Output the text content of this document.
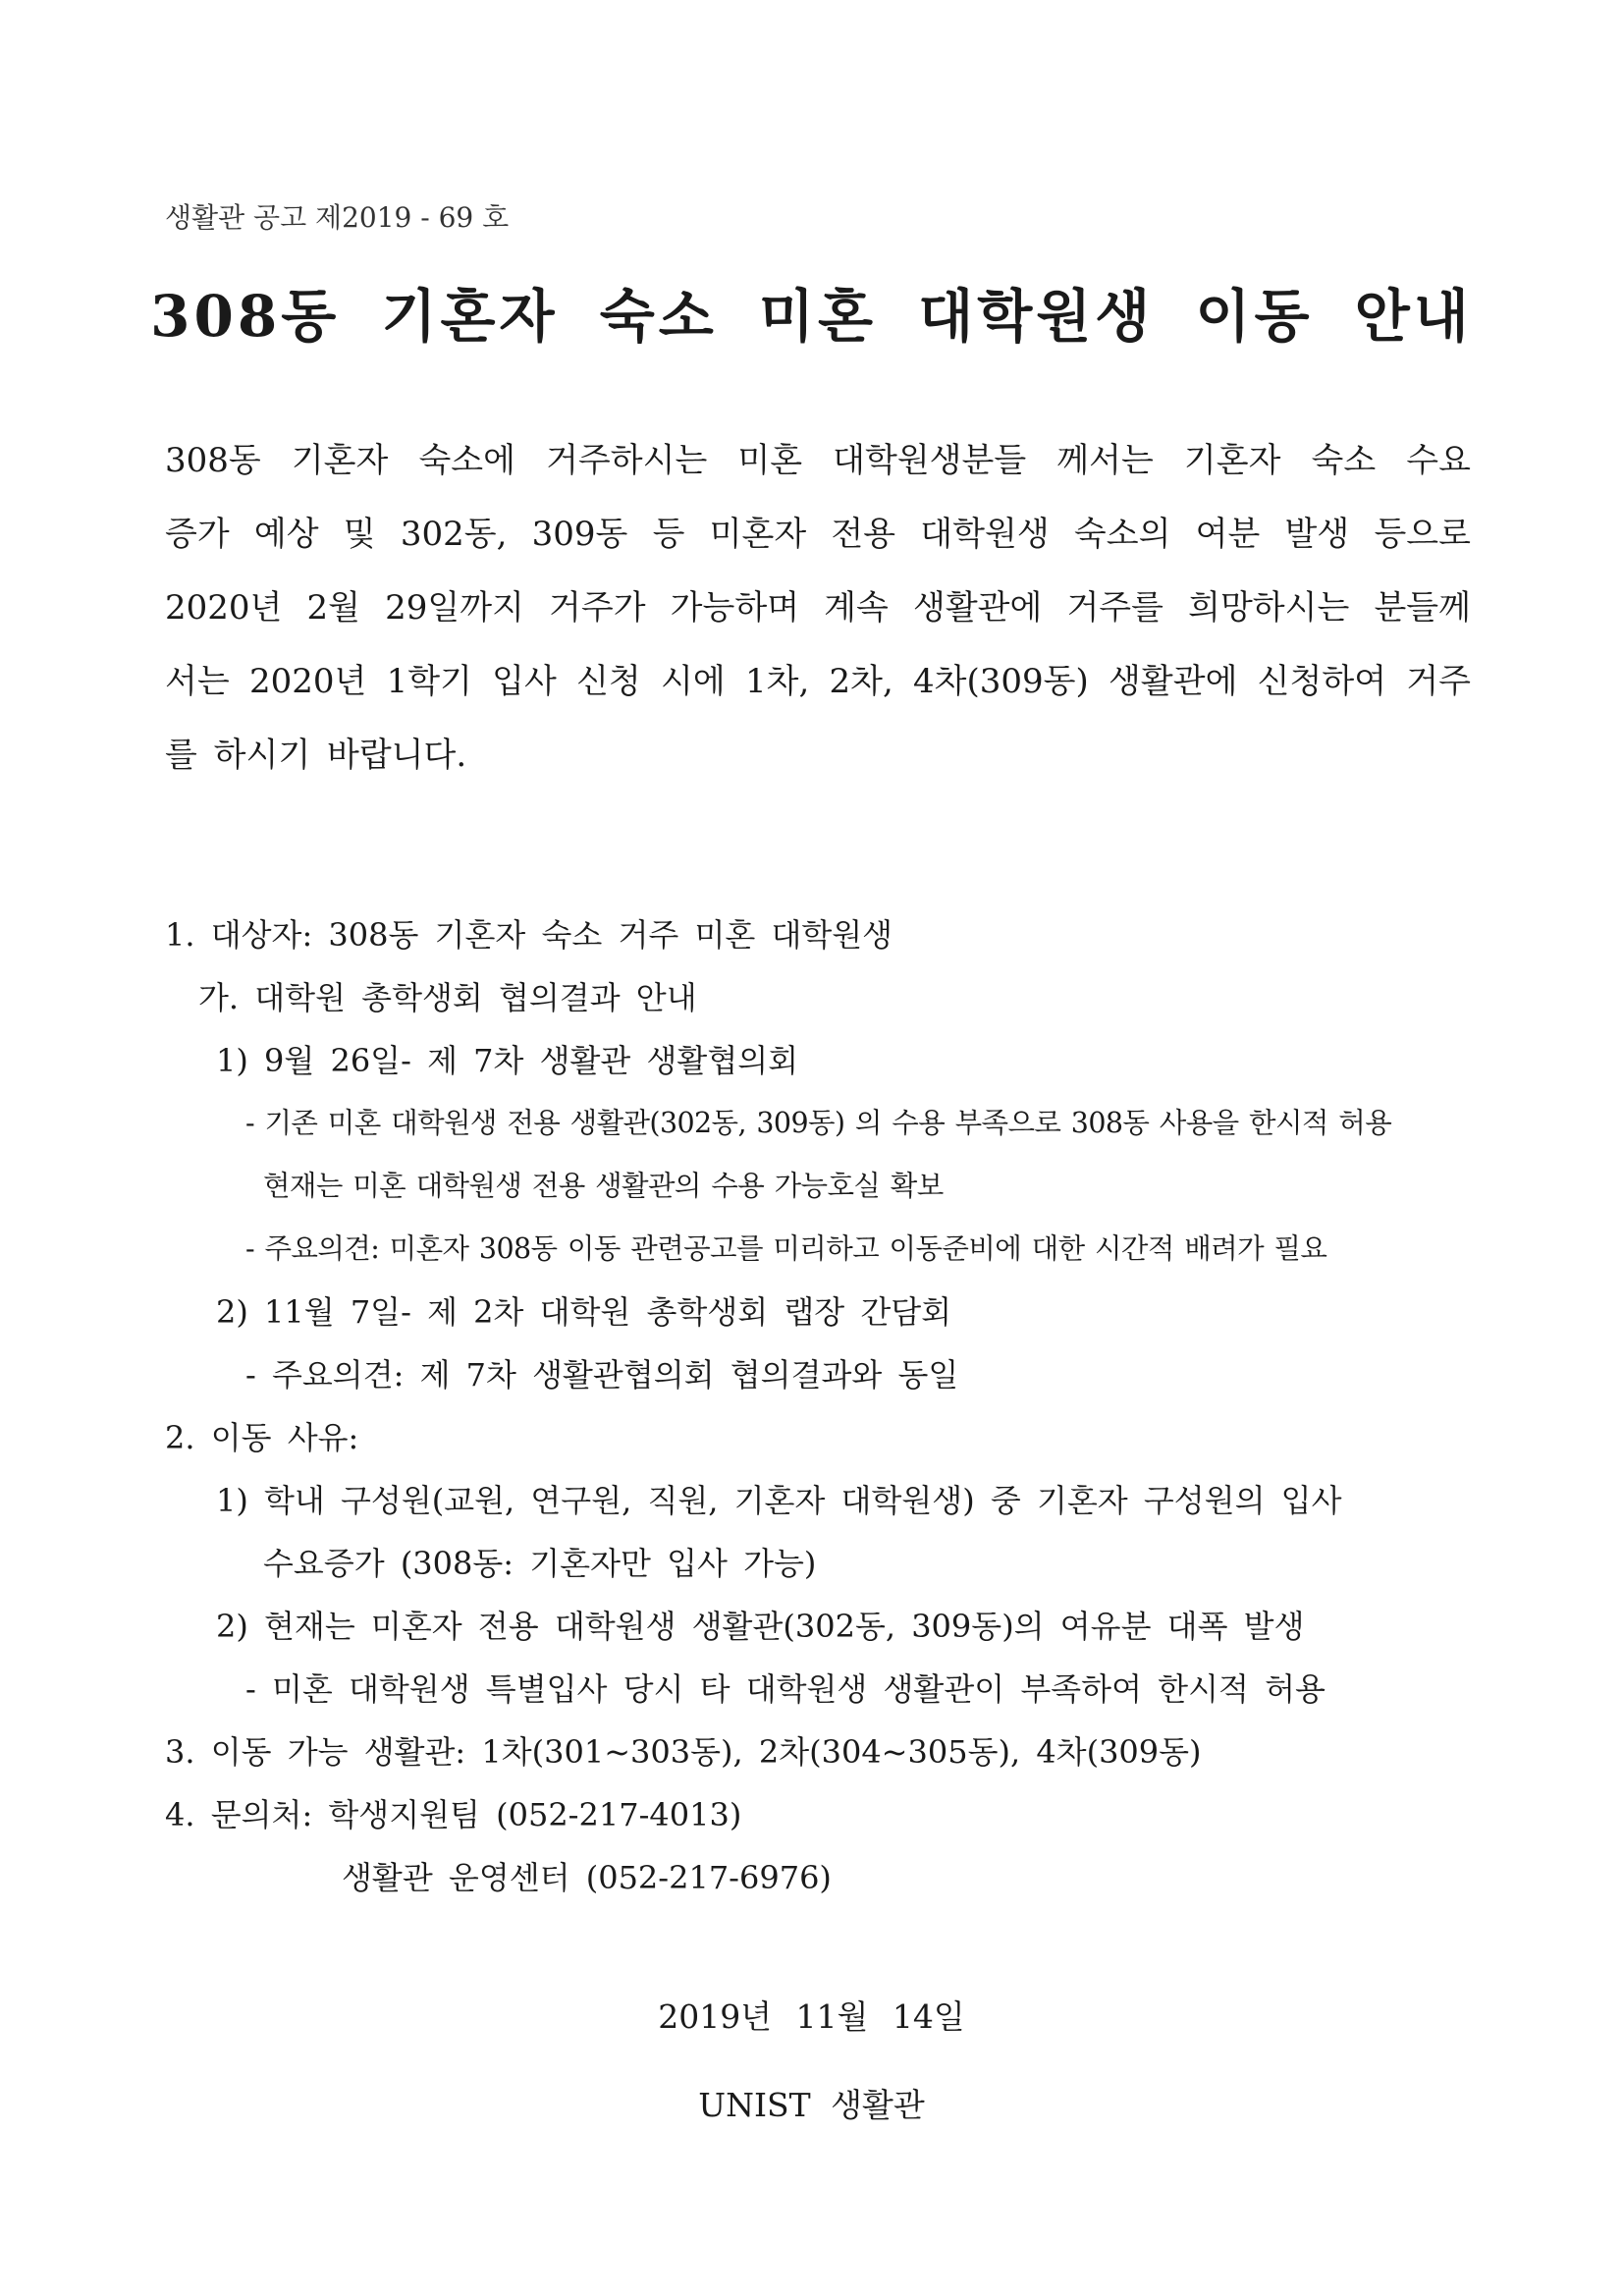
생활관 공고 제2019 - 69 호
308동 기혼자 숙소 미혼 대학원생 이동 안내
308동 기혼자 숙소에 거주하시는 미혼 대학원생분들 께서는 기혼자 숙소 수요
증가 예상 및 302동, 309동 등 미혼자 전용 대학원생 숙소의 여분 발생 등으로
2020년 2월 29일까지 거주가 가능하며 계속 생활관에 거주를 희망하시는 분들께
서는 2020년 1학기 입사 신청 시에 1차, 2차, 4차(309동) 생활관에 신청하여 거주
를 하시기 바랍니다.
1. 대상자: 308동 기혼자 숙소 거주 미혼 대학원생
가. 대학원 총학생회 협의결과 안내
1) 9월 26일- 제 7차 생활관 생활협의회
- 기존 미혼 대학원생 전용 생활관(302동, 309동) 의 수용 부족으로 308동 사용을 한시적 허용
현재는 미혼 대학원생 전용 생활관의 수용 가능호실 확보
- 주요의견: 미혼자 308동 이동 관련공고를 미리하고 이동준비에 대한 시간적 배려가 필요
2) 11월 7일- 제 2차 대학원 총학생회 랩장 간담회
- 주요의견: 제 7차 생활관협의회 협의결과와 동일
2. 이동 사유:
1) 학내 구성원(교원, 연구원, 직원, 기혼자 대학원생) 중 기혼자 구성원의 입사
수요증가 (308동: 기혼자만 입사 가능)
2) 현재는 미혼자 전용 대학원생 생활관(302동, 309동)의 여유분 대폭 발생
- 미혼 대학원생 특별입사 당시 타 대학원생 생활관이 부족하여 한시적 허용
3. 이동 가능 생활관: 1차(301~303동), 2차(304~305동), 4차(309동)
4. 문의처: 학생지원팀 (052-217-4013)
생활관 운영센터 (052-217-6976)
2019년 11월 14일
UNIST 생활관
